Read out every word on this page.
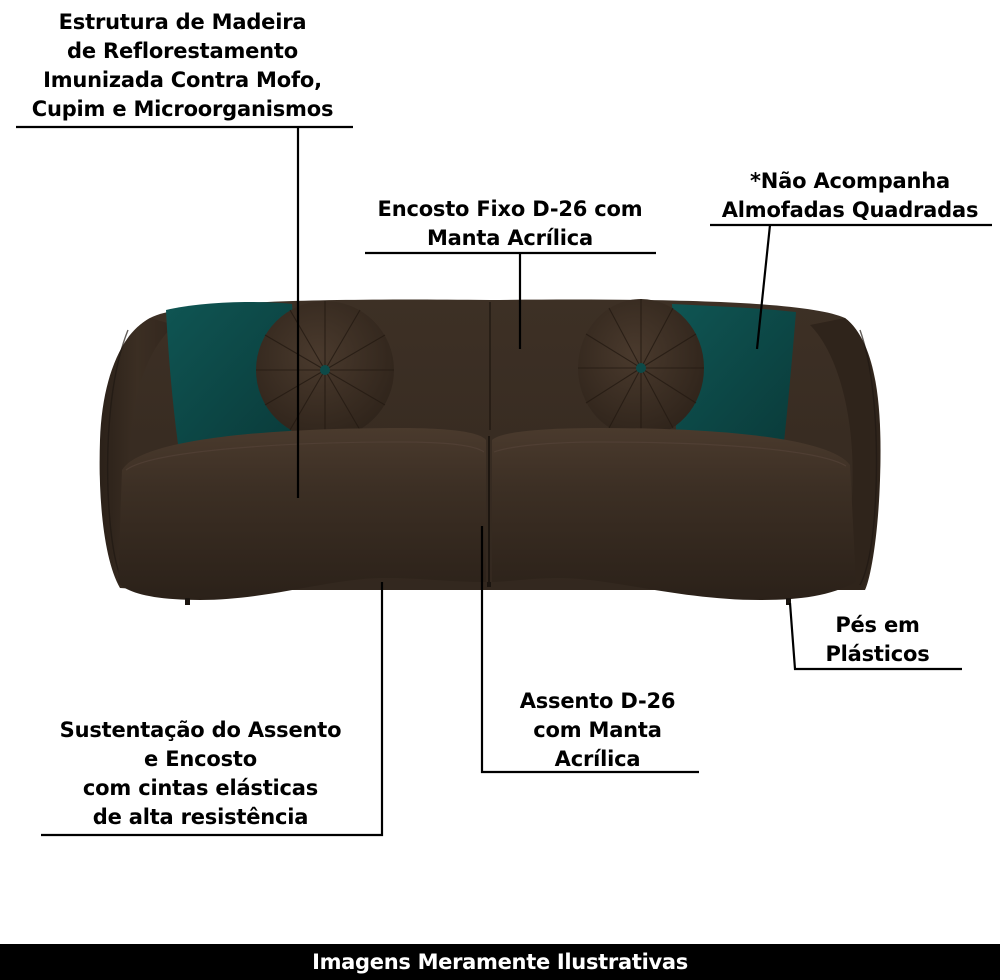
Estrutura de Madeira
de Reflorestamento
Imunizada Contra Mofo,
Cupim e Microorganismos
Encosto Fixo D-26 com
Manta Acrílica
*Não Acompanha
Almofadas Quadradas
Pés em
Plásticos
Assento D-26
com Manta
Acrílica
Sustentação do Assento
e Encosto
com cintas elásticas
de alta resistência
Imagens Meramente Ilustrativas
